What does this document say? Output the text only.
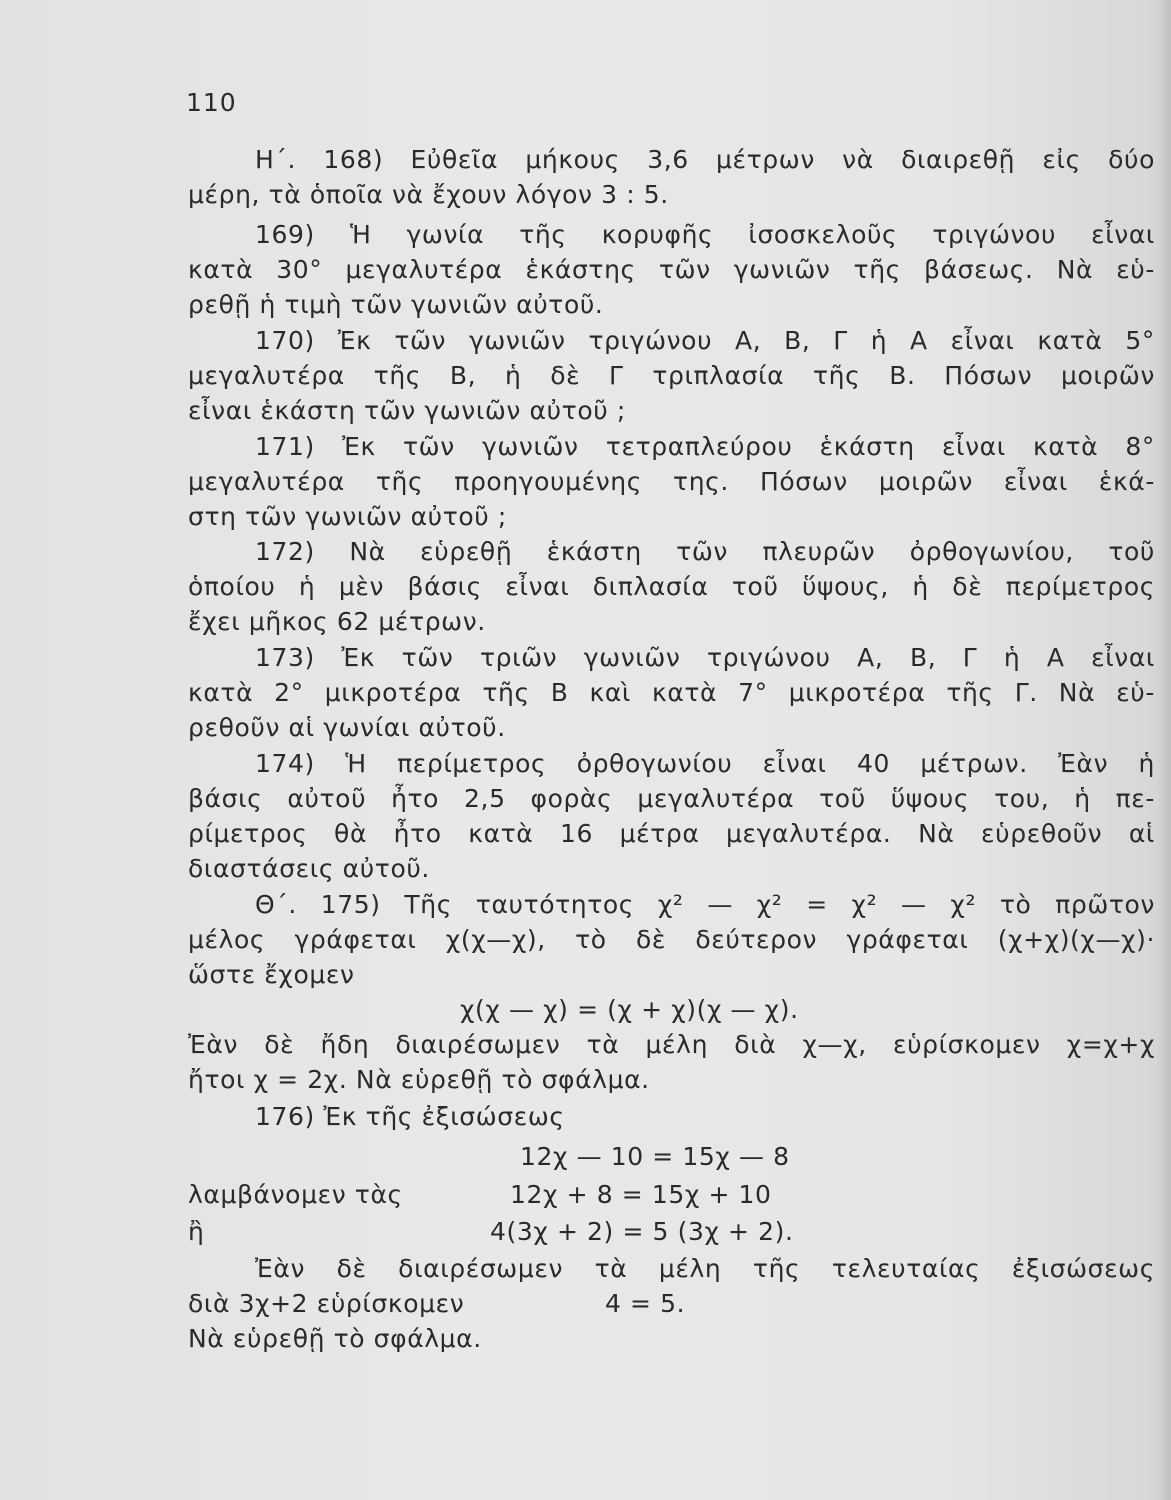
110
Η΄. 168) Εὐθεῖα μήκους 3,6 μέτρων νὰ διαιρεθῇ εἰς δύο
μέρη, τὰ ὁποῖα νὰ ἔχουν λόγον 3 : 5.
169) Ἡ γωνία τῆς κορυφῆς ἰσοσκελοῦς τριγώνου εἶναι
κατὰ 30° μεγαλυτέρα ἑκάστης τῶν γωνιῶν τῆς βάσεως. Νὰ εὑ-
ρεθῇ ἡ τιμὴ τῶν γωνιῶν αὐτοῦ.
170) Ἐκ τῶν γωνιῶν τριγώνου Α, Β, Γ ἡ Α εἶναι κατὰ 5°
μεγαλυτέρα τῆς Β, ἡ δὲ Γ τριπλασία τῆς Β. Πόσων μοιρῶν
εἶναι ἑκάστη τῶν γωνιῶν αὐτοῦ ;
171) Ἐκ τῶν γωνιῶν τετραπλεύρου ἑκάστη εἶναι κατὰ 8°
μεγαλυτέρα τῆς προηγουμένης της. Πόσων μοιρῶν εἶναι ἑκά-
στη τῶν γωνιῶν αὐτοῦ ;
172) Νὰ εὑρεθῇ ἑκάστη τῶν πλευρῶν ὀρθογωνίου, τοῦ
ὁποίου ἡ μὲν βάσις εἶναι διπλασία τοῦ ὕψους, ἡ δὲ περίμετρος
ἔχει μῆκος 62 μέτρων.
173) Ἐκ τῶν τριῶν γωνιῶν τριγώνου Α, Β, Γ ἡ Α εἶναι
κατὰ 2° μικροτέρα τῆς Β καὶ κατὰ 7° μικροτέρα τῆς Γ. Νὰ εὑ-
ρεθοῦν αἱ γωνίαι αὐτοῦ.
174) Ἡ περίμετρος ὀρθογωνίου εἶναι 40 μέτρων. Ἐὰν ἡ
βάσις αὐτοῦ ἦτο 2,5 φορὰς μεγαλυτέρα τοῦ ὕψους του, ἡ πε-
ρίμετρος θὰ ἦτο κατὰ 16 μέτρα μεγαλυτέρα. Νὰ εὑρεθοῦν αἱ
διαστάσεις αὐτοῦ.
Θ΄. 175) Τῆς ταυτότητος χ² — χ² = χ² — χ² τὸ πρῶτον
μέλος γράφεται χ(χ—χ), τὸ δὲ δεύτερον γράφεται (χ+χ)(χ—χ)·
ὥστε ἔχομεν
χ(χ — χ) = (χ + χ)(χ — χ).
Ἐὰν δὲ ἤδη διαιρέσωμεν τὰ μέλη διὰ χ—χ, εὑρίσκομεν χ=χ+χ
ἤτοι χ = 2χ. Νὰ εὑρεθῇ τὸ σφάλμα.
176) Ἐκ τῆς ἐξισώσεως
12χ — 10 = 15χ — 8
λαμβάνομεν τὰς	12χ + 8 = 15χ + 10
ἢ	4(3χ + 2) = 5 (3χ + 2).
Ἐὰν δὲ διαιρέσωμεν τὰ μέλη τῆς τελευταίας ἐξισώσεως
διὰ 3χ+2 εὑρίσκομεν	4 = 5.
Νὰ εὑρεθῇ τὸ σφάλμα.
